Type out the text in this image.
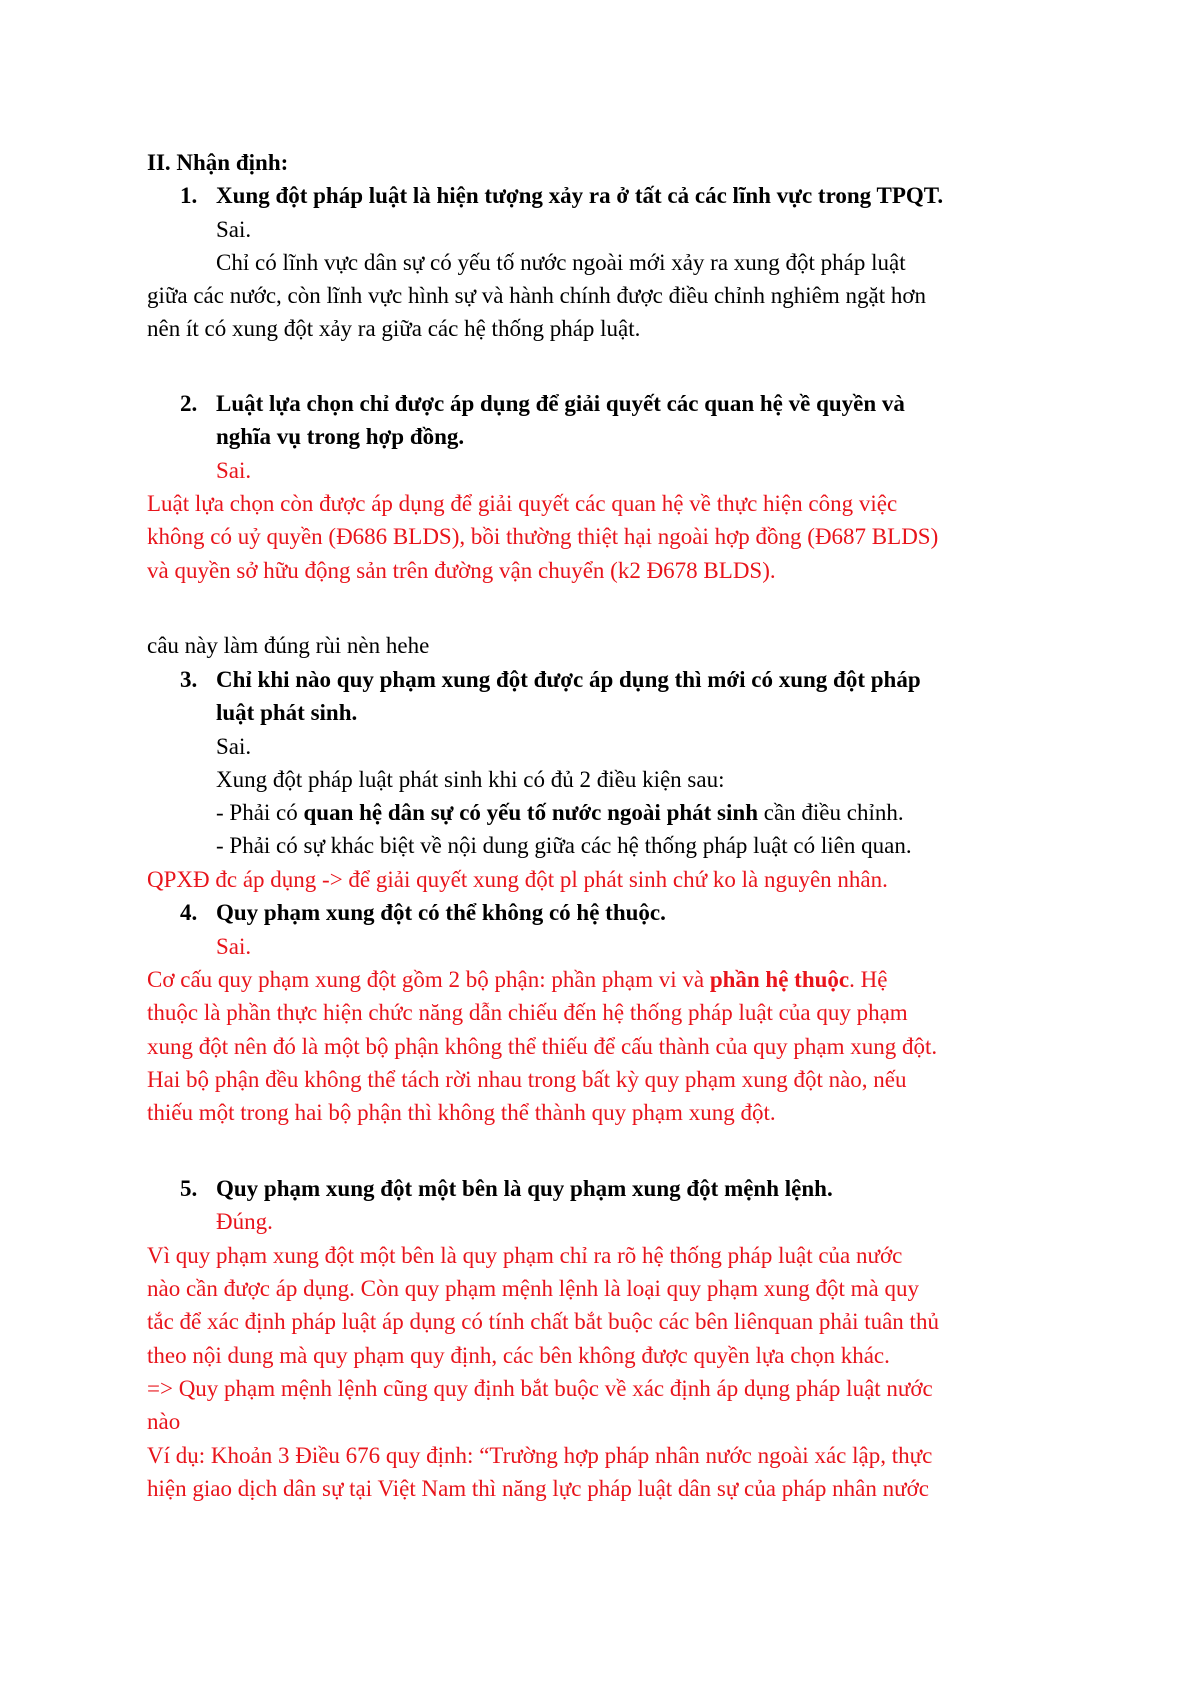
II. Nhận định:
1. Xung đột pháp luật là hiện tượng xảy ra ở tất cả các lĩnh vực trong TPQT.
Sai.
Chỉ có lĩnh vực dân sự có yếu tố nước ngoài mới xảy ra xung đột pháp luật
giữa các nước, còn lĩnh vực hình sự và hành chính được điều chỉnh nghiêm ngặt hơn
nên ít có xung đột xảy ra giữa các hệ thống pháp luật.
2. Luật lựa chọn chỉ được áp dụng để giải quyết các quan hệ về quyền và
nghĩa vụ trong hợp đồng.
Sai.
Luật lựa chọn còn được áp dụng để giải quyết các quan hệ về thực hiện công việc
không có uỷ quyền (Đ686 BLDS), bồi thường thiệt hại ngoài hợp đồng (Đ687 BLDS)
và quyền sở hữu động sản trên đường vận chuyển (k2 Đ678 BLDS).
câu này làm đúng rùi nèn hehe
3. Chỉ khi nào quy phạm xung đột được áp dụng thì mới có xung đột pháp
luật phát sinh.
Sai.
Xung đột pháp luật phát sinh khi có đủ 2 điều kiện sau:
- Phải có quan hệ dân sự có yếu tố nước ngoài phát sinh cần điều chỉnh.
- Phải có sự khác biệt về nội dung giữa các hệ thống pháp luật có liên quan.
QPXĐ đc áp dụng -> để giải quyết xung đột pl phát sinh chứ ko là nguyên nhân.
4. Quy phạm xung đột có thể không có hệ thuộc.
Sai.
Cơ cấu quy phạm xung đột gồm 2 bộ phận: phần phạm vi và phần hệ thuộc. Hệ
thuộc là phần thực hiện chức năng dẫn chiếu đến hệ thống pháp luật của quy phạm
xung đột nên đó là một bộ phận không thể thiếu để cấu thành của quy phạm xung đột.
Hai bộ phận đều không thể tách rời nhau trong bất kỳ quy phạm xung đột nào, nếu
thiếu một trong hai bộ phận thì không thể thành quy phạm xung đột.
5. Quy phạm xung đột một bên là quy phạm xung đột mệnh lệnh.
Đúng.
Vì quy phạm xung đột một bên là quy phạm chỉ ra rõ hệ thống pháp luật của nước
nào cần được áp dụng. Còn quy phạm mệnh lệnh là loại quy phạm xung đột mà quy
tắc để xác định pháp luật áp dụng có tính chất bắt buộc các bên liênquan phải tuân thủ
theo nội dung mà quy phạm quy định, các bên không được quyền lựa chọn khác.
=> Quy phạm mệnh lệnh cũng quy định bắt buộc về xác định áp dụng pháp luật nước
nào
Ví dụ: Khoản 3 Điều 676 quy định: “Trường hợp pháp nhân nước ngoài xác lập, thực
hiện giao dịch dân sự tại Việt Nam thì năng lực pháp luật dân sự của pháp nhân nước
